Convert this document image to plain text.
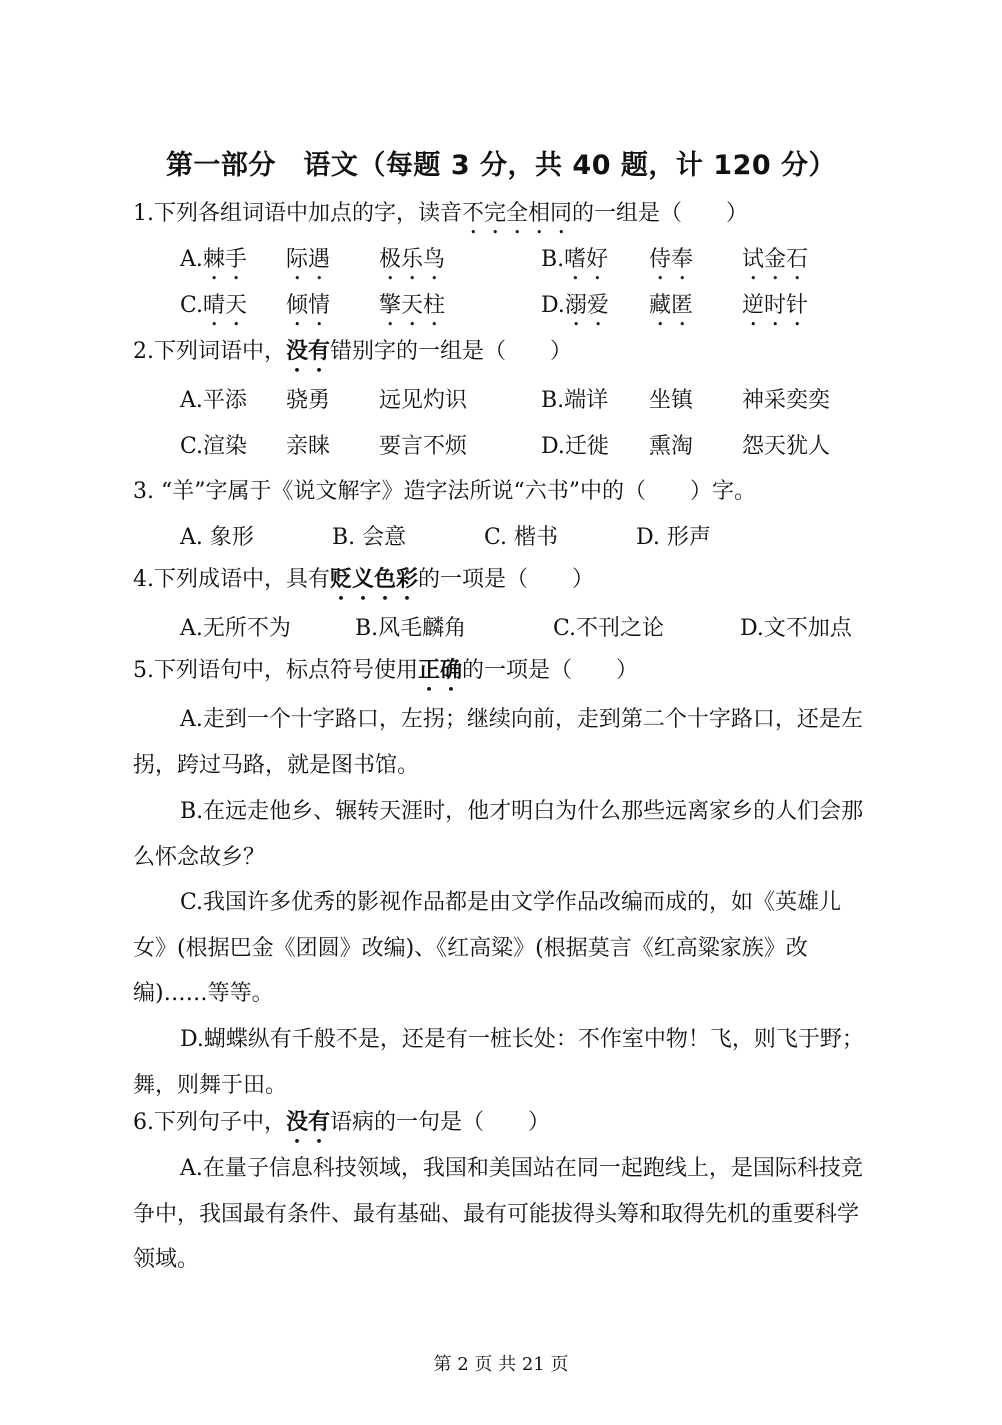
第一部分　语文（每题 3 分，共 40 题，计 120 分）
1.下列各组词语中加点的字，读音不完全相同的一组是（　　）
A.棘手 际遇 极乐鸟	B.嗜好 侍奉 试金石
C.晴天 倾情 擎天柱	D.溺爱 藏匿 逆时针
2.下列词语中，没有错别字的一组是（　　）
A.平添 骁勇 远见灼识	B.端详 坐镇 神采奕奕
C.渲染 亲睐 要言不烦	D.迁徙 熏淘 怨天犹人
3. “羊”字属于《说文解字》造字法所说“六书”中的（　　）字。
A. 象形	B. 会意	C. 楷书	D. 形声
4.下列成语中，具有贬义色彩的一项是（　　）
A.无所不为	B.风毛麟角	C.不刊之论	D.文不加点
5.下列语句中，标点符号使用正确的一项是（　　）
A.走到一个十字路口，左拐；继续向前，走到第二个十字路口，还是左拐，跨过马路，就是图书馆。
B.在远走他乡、辗转天涯时，他才明白为什么那些远离家乡的人们会那么怀念故乡？
C.我国许多优秀的影视作品都是由文学作品改编而成的，如《英雄儿女》(根据巴金《团圆》改编)、《红高粱》(根据莫言《红高粱家族》改编)……等等。
D.蝴蝶纵有千般不是，还是有一桩长处：不作室中物！飞，则飞于野；舞，则舞于田。
6.下列句子中，没有语病的一句是（　　）
A.在量子信息科技领域，我国和美国站在同一起跑线上，是国际科技竞争中，我国最有条件、最有基础、最有可能拔得头筹和取得先机的重要科学领域。
第 2 页 共 21 页
